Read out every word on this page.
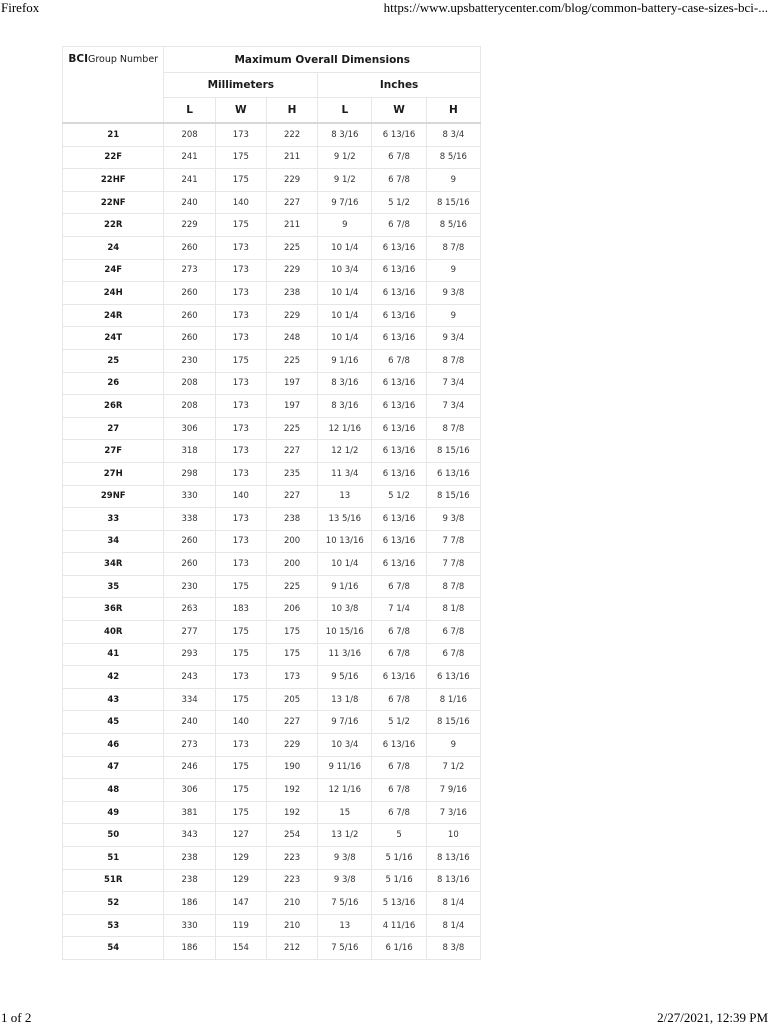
Firefox	https://www.upsbatterycenter.com/blog/common-battery-case-sizes-bci-...
BCIGroup Number	Maximum Overall Dimensions					
	Millimeters			Inches		
	L	W	H	L	W	H
21	208	173	222	8 3/16	6 13/16	8 3/4
22F	241	175	211	9 1/2	6 7/8	8 5/16
22HF	241	175	229	9 1/2	6 7/8	9
22NF	240	140	227	9 7/16	5 1/2	8 15/16
22R	229	175	211	9	6 7/8	8 5/16
24	260	173	225	10 1/4	6 13/16	8 7/8
24F	273	173	229	10 3/4	6 13/16	9
24H	260	173	238	10 1/4	6 13/16	9 3/8
24R	260	173	229	10 1/4	6 13/16	9
24T	260	173	248	10 1/4	6 13/16	9 3/4
25	230	175	225	9 1/16	6 7/8	8 7/8
26	208	173	197	8 3/16	6 13/16	7 3/4
26R	208	173	197	8 3/16	6 13/16	7 3/4
27	306	173	225	12 1/16	6 13/16	8 7/8
27F	318	173	227	12 1/2	6 13/16	8 15/16
27H	298	173	235	11 3/4	6 13/16	6 13/16
29NF	330	140	227	13	5 1/2	8 15/16
33	338	173	238	13 5/16	6 13/16	9 3/8
34	260	173	200	10 13/16	6 13/16	7 7/8
34R	260	173	200	10 1/4	6 13/16	7 7/8
35	230	175	225	9 1/16	6 7/8	8 7/8
36R	263	183	206	10 3/8	7 1/4	8 1/8
40R	277	175	175	10 15/16	6 7/8	6 7/8
41	293	175	175	11 3/16	6 7/8	6 7/8
42	243	173	173	9 5/16	6 13/16	6 13/16
43	334	175	205	13 1/8	6 7/8	8 1/16
45	240	140	227	9 7/16	5 1/2	8 15/16
46	273	173	229	10 3/4	6 13/16	9
47	246	175	190	9 11/16	6 7/8	7 1/2
48	306	175	192	12 1/16	6 7/8	7 9/16
49	381	175	192	15	6 7/8	7 3/16
50	343	127	254	13 1/2	5	10
51	238	129	223	9 3/8	5 1/16	8 13/16
51R	238	129	223	9 3/8	5 1/16	8 13/16
52	186	147	210	7 5/16	5 13/16	8 1/4
53	330	119	210	13	4 11/16	8 1/4
54	186	154	212	7 5/16	6 1/16	8 3/8
1 of 2	2/27/2021, 12:39 PM
